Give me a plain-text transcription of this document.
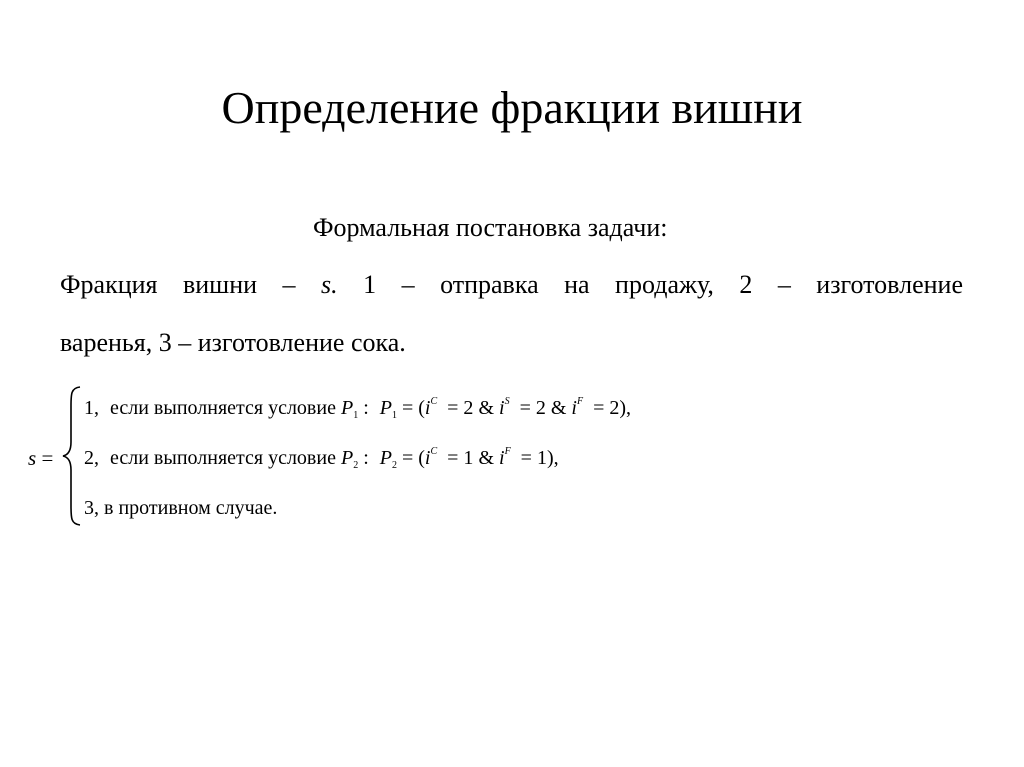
Определение фракции вишни
Формальная постановка задачи:
Фракция вишни – s. 1 – отправка на продажу, 2 – изготовление
варенья, 3 – изготовление сока.
s =
1, если выполняется условие $P_1$ : $P_1 = (i^C = 2$ & $i^S = 2$ & $i^F = 2$),
2, если выполняется условие $P_2$ : $P_2 = (i^C = 1$ & $i^F = 1$),
3, в противном случае.
